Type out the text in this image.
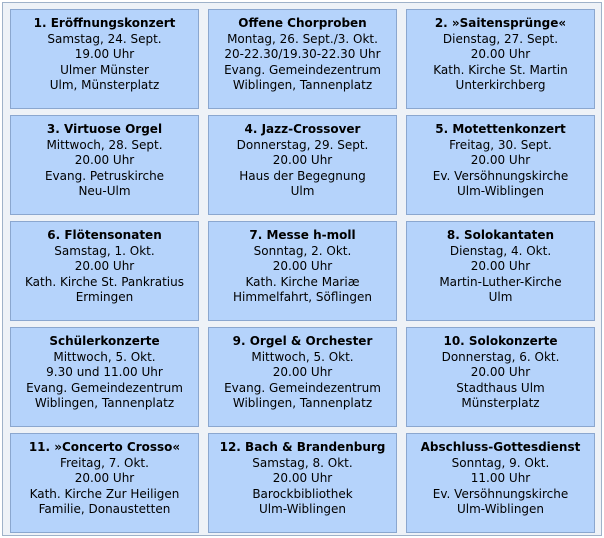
1. Eröffnungskonzert
Samstag, 24. Sept.
19.00 Uhr
Ulmer Münster
Ulm, Münsterplatz
Offene Chorproben
Montag, 26. Sept./3. Okt.
20-22.30/19.30-22.30 Uhr
Evang. Gemeindezentrum
Wiblingen, Tannenplatz
2. »Saitensprünge«
Dienstag, 27. Sept.
20.00 Uhr
Kath. Kirche St. Martin
Unterkirchberg
3. Virtuose Orgel
Mittwoch, 28. Sept.
20.00 Uhr
Evang. Petruskirche
Neu-Ulm
4. Jazz-Crossover
Donnerstag, 29. Sept.
20.00 Uhr
Haus der Begegnung
Ulm
5. Motettenkonzert
Freitag, 30. Sept.
20.00 Uhr
Ev. Versöhnungskirche
Ulm-Wiblingen
6. Flötensonaten
Samstag, 1. Okt.
20.00 Uhr
Kath. Kirche St. Pankratius
Ermingen
7. Messe h-moll
Sonntag, 2. Okt.
20.00 Uhr
Kath. Kirche Mariæ
Himmelfahrt, Söflingen
8. Solokantaten
Dienstag, 4. Okt.
20.00 Uhr
Martin-Luther-Kirche
Ulm
Schülerkonzerte
Mittwoch, 5. Okt.
9.30 und 11.00 Uhr
Evang. Gemeindezentrum
Wiblingen, Tannenplatz
9. Orgel & Orchester
Mittwoch, 5. Okt.
20.00 Uhr
Evang. Gemeindezentrum
Wiblingen, Tannenplatz
10. Solokonzerte
Donnerstag, 6. Okt.
20.00 Uhr
Stadthaus Ulm
Münsterplatz
11. »Concerto Crosso«
Freitag, 7. Okt.
20.00 Uhr
Kath. Kirche Zur Heiligen
Familie, Donaustetten
12. Bach & Brandenburg
Samstag, 8. Okt.
20.00 Uhr
Barockbibliothek
Ulm-Wiblingen
Abschluss-Gottesdienst
Sonntag, 9. Okt.
11.00 Uhr
Ev. Versöhnungskirche
Ulm-Wiblingen
